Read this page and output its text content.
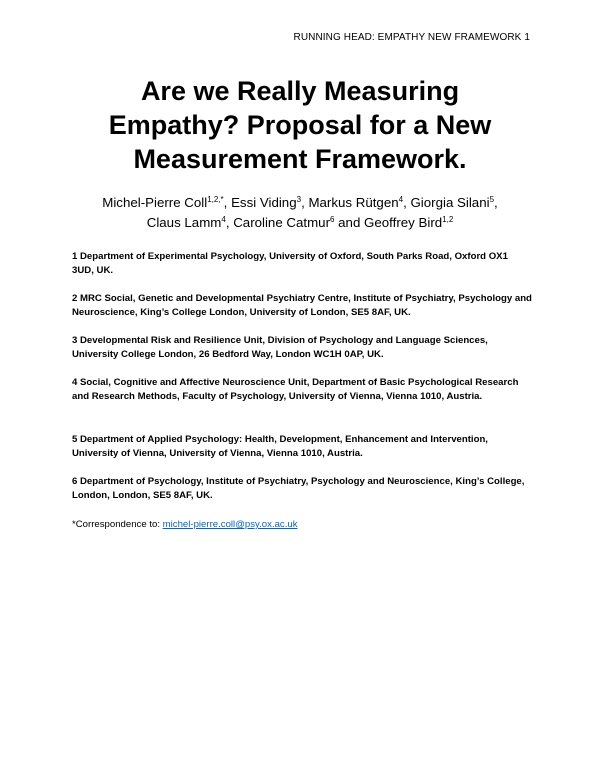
RUNNING HEAD: EMPATHY NEW FRAMEWORK 1
Are we Really Measuring
Empathy? Proposal for a New
Measurement Framework.
Michel-Pierre Coll$^{1,2,*}$, Essi Viding$^3$, Markus Rütgen$^4$, Giorgia Silani$^5$,
Claus Lamm$^4$, Caroline Catmur$^6$ and Geoffrey Bird$^{1,2}$

1 Department of Experimental Psychology, University of Oxford, South Parks Road, Oxford OX1 3UD, UK.

2 MRC Social, Genetic and Developmental Psychiatry Centre, Institute of Psychiatry, Psychology and Neuroscience, King’s College London, University of London, SE5 8AF, UK.

3 Developmental Risk and Resilience Unit, Division of Psychology and Language Sciences, University College London, 26 Bedford Way, London WC1H 0AP, UK.

4 Social, Cognitive and Affective Neuroscience Unit, Department of Basic Psychological Research and Research Methods, Faculty of Psychology, University of Vienna, Vienna 1010, Austria.

5 Department of Applied Psychology: Health, Development, Enhancement and Intervention, University of Vienna, University of Vienna, Vienna 1010, Austria.

6 Department of Psychology, Institute of Psychiatry, Psychology and Neuroscience, King’s College, London, London, SE5 8AF, UK.

*Correspondence to: michel-pierre.coll@psy.ox.ac.uk
